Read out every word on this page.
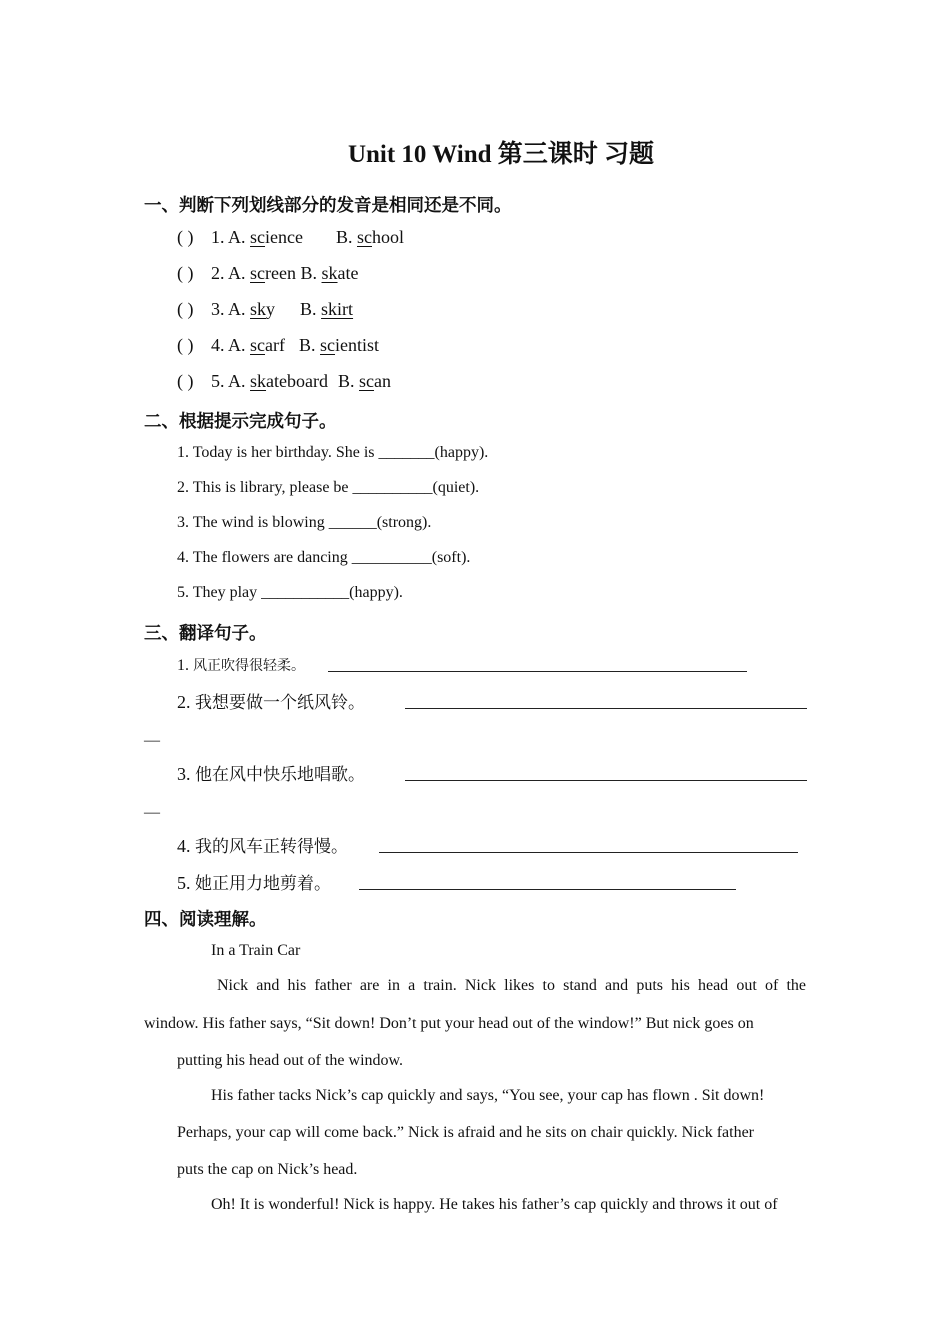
Unit 10 Wind 第三课时 习题
一、判断下列划线部分的发音是相同还是不同。
( ) 1. A. science B. school
( ) 2. A. screen B. skate
( ) 3. A. sky B. skirt
( ) 4. A. scarf B. scientist
( ) 5. A. skateboard B. scan
二、根据提示完成句子。
1. Today is her birthday. She is _______(happy).
2. This is library, please be __________(quiet).
3. The wind is blowing ______(strong).
4. The flowers are dancing __________(soft).
5. They play ___________(happy).
三、翻译句子。
1. 风正吹得很轻柔。
2. 我想要做一个纸风铃。
—
3. 他在风中快乐地唱歌。
—
4. 我的风车正转得慢。
5. 她正用力地剪着。
四、阅读理解。
In a Train Car
Nick and his father are in a train. Nick likes to stand and puts his head out of the
window. His father says, “Sit down! Don’t put your head out of the window!” But nick goes on
putting his head out of the window.
His father tacks Nick’s cap quickly and says, “You see, your cap has flown . Sit down!
Perhaps, your cap will come back.” Nick is afraid and he sits on chair quickly. Nick father
puts the cap on Nick’s head.
Oh! It is wonderful! Nick is happy. He takes his father’s cap quickly and throws it out of
